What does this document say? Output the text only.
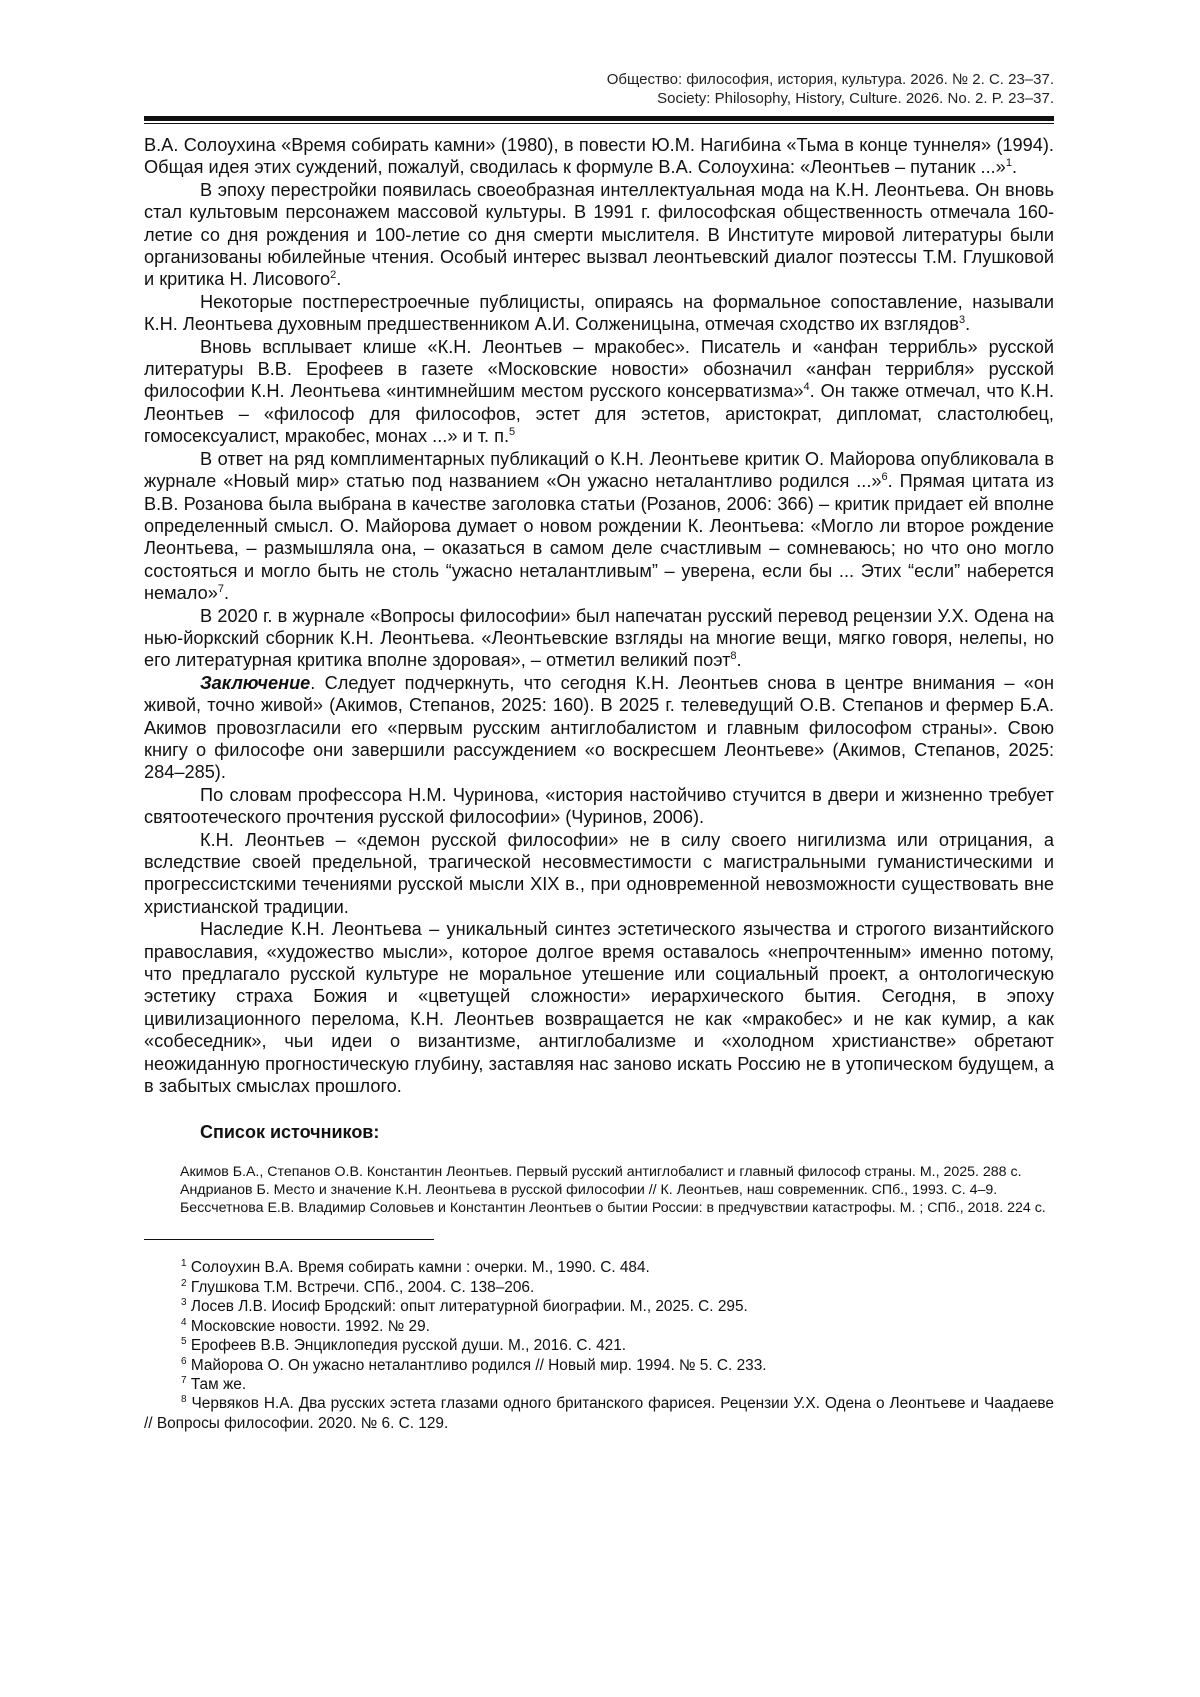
Общество: философия, история, культура. 2026. № 2. С. 23–37.
Society: Philosophy, History, Culture. 2026. No. 2. P. 23–37.

В.А. Солоухина «Время собирать камни» (1980), в повести Ю.М. Нагибина «Тьма в конце туннеля» (1994). Общая идея этих суждений, пожалуй, сводилась к формуле В.А. Солоухина: «Леонтьев – путаник ...»$^1$.

В эпоху перестройки появилась своеобразная интеллектуальная мода на К.Н. Леонтьева. Он вновь стал культовым персонажем массовой культуры. В 1991 г. философская общественность отмечала 160-летие со дня рождения и 100-летие со дня смерти мыслителя. В Институте мировой литературы были организованы юбилейные чтения. Особый интерес вызвал леонтьевский диалог поэтессы Т.М. Глушковой и критика Н. Лисового$^2$.

Некоторые постперестроечные публицисты, опираясь на формальное сопоставление, называли К.Н. Леонтьева духовным предшественником А.И. Солженицына, отмечая сходство их взглядов$^3$.

Вновь всплывает клише «К.Н. Леонтьев – мракобес». Писатель и «анфан террибль» русской литературы В.В. Ерофеев в газете «Московские новости» обозначил «анфан террибля» русской философии К.Н. Леонтьева «интимнейшим местом русского консерватизма»$^4$. Он также отмечал, что К.Н. Леонтьев – «философ для философов, эстет для эстетов, аристократ, дипломат, сластолюбец, гомосексуалист, мракобес, монах ...» и т. п.$^5$

В ответ на ряд комплиментарных публикаций о К.Н. Леонтьеве критик О. Майорова опубликовала в журнале «Новый мир» статью под названием «Он ужасно неталантливо родился ...»$^6$. Прямая цитата из В.В. Розанова была выбрана в качестве заголовка статьи (Розанов, 2006: 366) – критик придает ей вполне определенный смысл. О. Майорова думает о новом рождении К. Леонтьева: «Могло ли второе рождение Леонтьева, – размышляла она, – оказаться в самом деле счастливым – сомневаюсь; но что оно могло состояться и могло быть не столь “ужасно неталантливым” – уверена, если бы ... Этих “если” наберется немало»$^7$.

В 2020 г. в журнале «Вопросы философии» был напечатан русский перевод рецензии У.Х. Одена на нью-йоркский сборник К.Н. Леонтьева. «Леонтьевские взгляды на многие вещи, мягко говоря, нелепы, но его литературная критика вполне здоровая», – отметил великий поэт$^8$.

Заключение. Следует подчеркнуть, что сегодня К.Н. Леонтьев снова в центре внимания – «он живой, точно живой» (Акимов, Степанов, 2025: 160). В 2025 г. телеведущий О.В. Степанов и фермер Б.А. Акимов провозгласили его «первым русским антиглобалистом и главным философом страны». Свою книгу о философе они завершили рассуждением «о воскресшем Леонтьеве» (Акимов, Степанов, 2025: 284–285).

По словам профессора Н.М. Чуринова, «история настойчиво стучится в двери и жизненно требует святоотеческого прочтения русской философии» (Чуринов, 2006).

К.Н. Леонтьев – «демон русской философии» не в силу своего нигилизма или отрицания, а вследствие своей предельной, трагической несовместимости с магистральными гуманистическими и прогрессистскими течениями русской мысли XIX в., при одновременной невозможности существовать вне христианской традиции.

Наследие К.Н. Леонтьева – уникальный синтез эстетического язычества и строгого византийского православия, «художество мысли», которое долгое время оставалось «непрочтенным» именно потому, что предлагало русской культуре не моральное утешение или социальный проект, а онтологическую эстетику страха Божия и «цветущей сложности» иерархического бытия. Сегодня, в эпоху цивилизационного перелома, К.Н. Леонтьев возвращается не как «мракобес» и не как кумир, а как «собеседник», чьи идеи о византизме, антиглобализме и «холодном христианстве» обретают неожиданную прогностическую глубину, заставляя нас заново искать Россию не в утопическом будущем, а в забытых смыслах прошлого.

Список источников:

Акимов Б.А., Степанов О.В. Константин Леонтьев. Первый русский антиглобалист и главный философ страны. М., 2025. 288 с.

Андрианов Б. Место и значение К.Н. Леонтьева в русской философии // К. Леонтьев, наш современник. СПб., 1993. С. 4–9.

Бессчетнова Е.В. Владимир Соловьев и Константин Леонтьев о бытии России: в предчувствии катастрофы. М. ; СПб., 2018. 224 с.

$^1$ Солоухин В.А. Время собирать камни : очерки. М., 1990. С. 484.

$^2$ Глушкова Т.М. Встречи. СПб., 2004. С. 138–206.

$^3$ Лосев Л.В. Иосиф Бродский: опыт литературной биографии. М., 2025. С. 295.

$^4$ Московские новости. 1992. № 29.

$^5$ Ерофеев В.В. Энциклопедия русской души. М., 2016. С. 421.

$^6$ Майорова О. Он ужасно неталантливо родился // Новый мир. 1994. № 5. С. 233.

$^7$ Там же.

$^8$ Червяков Н.А. Два русских эстета глазами одного британского фарисея. Рецензии У.Х. Одена о Леонтьеве и Чаадаеве // Вопросы философии. 2020. № 6. С. 129.
